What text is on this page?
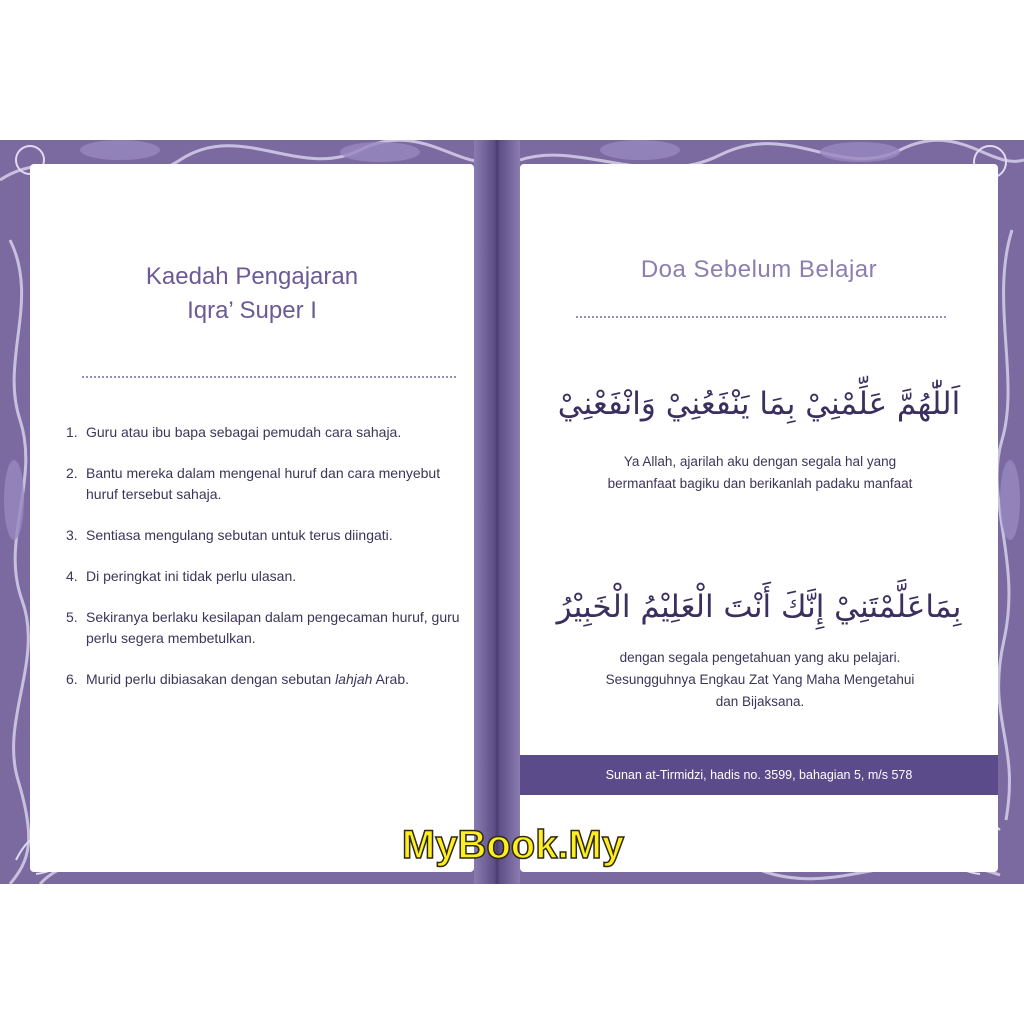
Kaedah Pengajaran
Iqra’ Super I
1. Guru atau ibu bapa sebagai pemudah cara sahaja.
2. Bantu mereka dalam mengenal huruf dan cara menyebut huruf tersebut sahaja.
3. Sentiasa mengulang sebutan untuk terus diingati.
4. Di peringkat ini tidak perlu ulasan.
5. Sekiranya berlaku kesilapan dalam pengecaman huruf, guru perlu segera membetulkan.
6. Murid perlu dibiasakan dengan sebutan lahjah Arab.
Doa Sebelum Belajar
اَللّٰهُمَّ عَلِّمْنِيْ بِمَا يَنْفَعُنِيْ وَانْفَعْنِيْ
Ya Allah, ajarilah aku dengan segala hal yang
bermanfaat bagiku dan berikanlah padaku manfaat
بِمَاعَلَّمْتَنِيْ إِنَّكَ أَنْتَ الْعَلِيْمُ الْخَبِيْرُ
dengan segala pengetahuan yang aku pelajari.
Sesungguhnya Engkau Zat Yang Maha Mengetahui
dan Bijaksana.
Sunan at-Tirmidzi, hadis no. 3599, bahagian 5, m/s 578
MyBook.My
